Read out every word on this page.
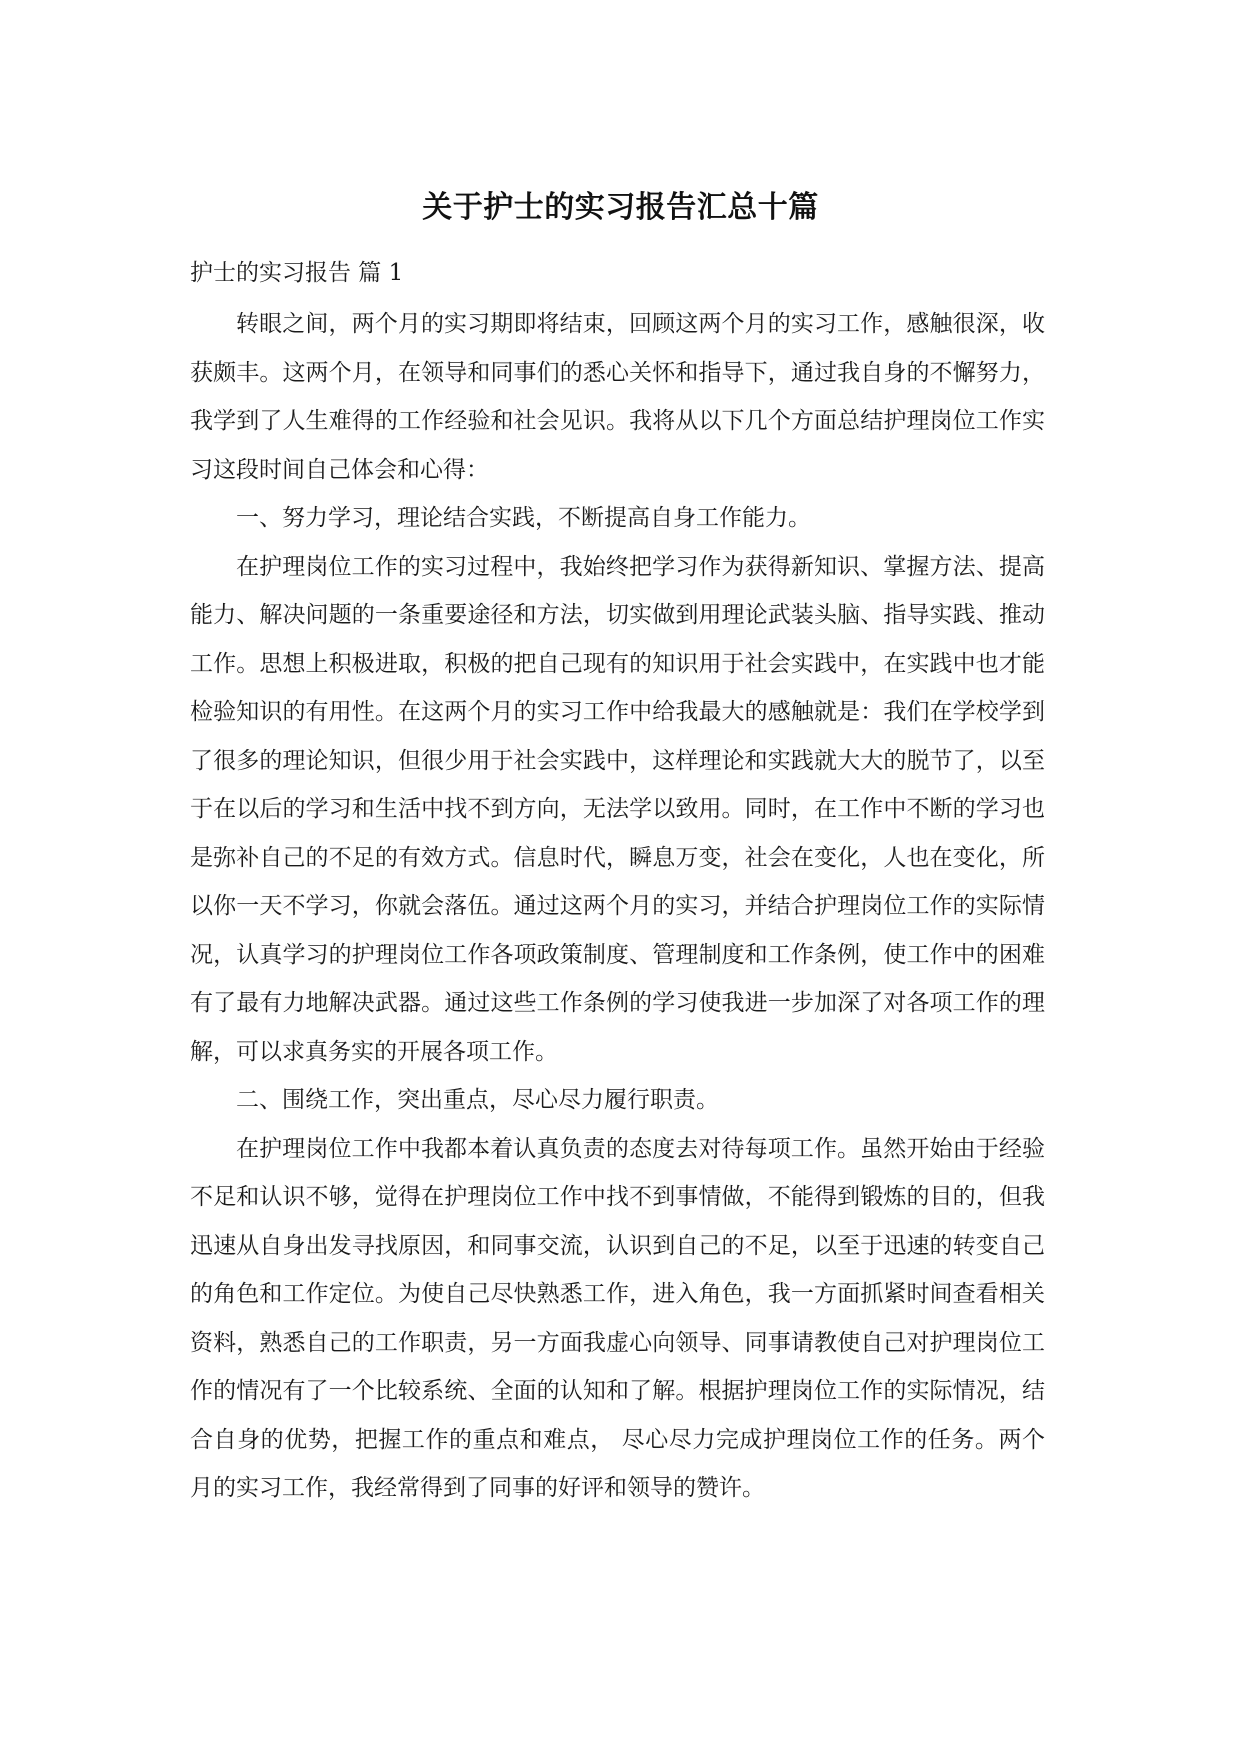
关于护士的实习报告汇总十篇
护士的实习报告 篇 1

转眼之间，两个月的实习期即将结束，回顾这两个月的实习工作，感触很深，收获颇丰。这两个月，在领导和同事们的悉心关怀和指导下，通过我自身的不懈努力，我学到了人生难得的工作经验和社会见识。我将从以下几个方面总结护理岗位工作实习这段时间自己体会和心得：

一、努力学习，理论结合实践，不断提高自身工作能力。

在护理岗位工作的实习过程中，我始终把学习作为获得新知识、掌握方法、提高能力、解决问题的一条重要途径和方法，切实做到用理论武装头脑、指导实践、推动工作。思想上积极进取，积极的把自己现有的知识用于社会实践中，在实践中也才能检验知识的有用性。在这两个月的实习工作中给我最大的感触就是：我们在学校学到了很多的理论知识，但很少用于社会实践中，这样理论和实践就大大的脱节了，以至于在以后的学习和生活中找不到方向，无法学以致用。同时，在工作中不断的学习也是弥补自己的不足的有效方式。信息时代，瞬息万变，社会在变化，人也在变化，所以你一天不学习，你就会落伍。通过这两个月的实习，并结合护理岗位工作的实际情况，认真学习的护理岗位工作各项政策制度、管理制度和工作条例，使工作中的困难有了最有力地解决武器。通过这些工作条例的学习使我进一步加深了对各项工作的理解，可以求真务实的开展各项工作。

二、围绕工作，突出重点，尽心尽力履行职责。

在护理岗位工作中我都本着认真负责的态度去对待每项工作。虽然开始由于经验不足和认识不够，觉得在护理岗位工作中找不到事情做，不能得到锻炼的目的，但我迅速从自身出发寻找原因，和同事交流，认识到自己的不足，以至于迅速的转变自己的角色和工作定位。为使自己尽快熟悉工作，进入角色，我一方面抓紧时间查看相关资料，熟悉自己的工作职责，另一方面我虚心向领导、同事请教使自己对护理岗位工作的情况有了一个比较系统、全面的认知和了解。根据护理岗位工作的实际情况，结合自身的优势，把握工作的重点和难点， 尽心尽力完成护理岗位工作的任务。两个月的实习工作，我经常得到了同事的好评和领导的赞许。
